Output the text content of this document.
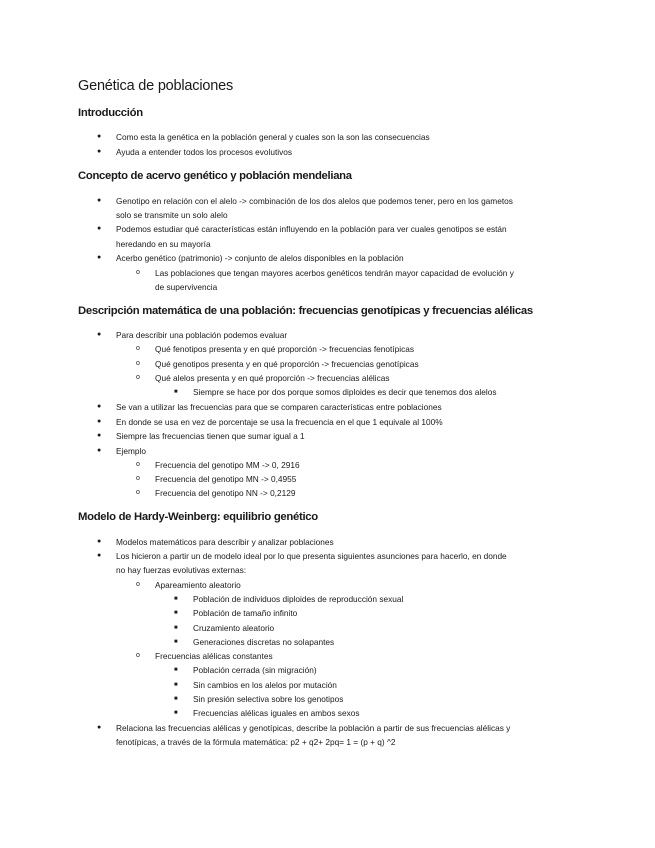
Genética de poblaciones
Introducción
● Como esta la genética en la población general y cuales son la son las consecuencias

● Ayuda a entender todos los procesos evolutivos

Concepto de acervo genético y población mendeliana
● Genotipo en relación con el alelo -> combinación de los dos alelos que podemos tener, pero en los gametos

solo se transmite un solo alelo

● Podemos estudiar qué características están influyendo en la población para ver cuales genotipos se están

heredando en su mayoría

● Acerbo genético (patrimonio) -> conjunto de alelos disponibles en la población

o Las poblaciones que tengan mayores acerbos genéticos tendrán mayor capacidad de evolución y

de supervivencia

Descripción matemática de una población: frecuencias genotípicas y frecuencias alélicas
● Para describir una población podemos evaluar

o Qué fenotipos presenta y en qué proporción -> frecuencias fenotípicas

o Qué genotipos presenta y en qué proporción -> frecuencias genotípicas

o Qué alelos presenta y en qué proporción -> frecuencias alélicas

■ Siempre se hace por dos porque somos diploides es decir que tenemos dos alelos

● Se van a utilizar las frecuencias para que se comparen características entre poblaciones

● En donde se usa en vez de porcentaje se usa la frecuencia en el que 1 equivale al 100%

● Siempre las frecuencias tienen que sumar igual a 1

● Ejemplo

o Frecuencia del genotipo MM -> 0, 2916

o Frecuencia del genotipo MN -> 0,4955

o Frecuencia del genotipo NN -> 0,2129

Modelo de Hardy-Weinberg: equilibrio genético
● Modelos matemáticos para describir y analizar poblaciones

● Los hicieron a partir un de modelo ideal por lo que presenta siguientes asunciones para hacerlo, en donde

no hay fuerzas evolutivas externas:

o Apareamiento aleatorio

■ Población de individuos diploides de reproducción sexual

■ Población de tamaño infinito

■ Cruzamiento aleatorio

■ Generaciones discretas no solapantes

o Frecuencias alélicas constantes

■ Población cerrada (sin migración)

■ Sin cambios en los alelos por mutación

■ Sin presión selectiva sobre los genotipos

■ Frecuencias alélicas iguales en ambos sexos

● Relaciona las frecuencias alélicas y genotípicas, describe la población a partir de sus frecuencias alélicas y

fenotípicas, a través de la fórmula matemática: p2 + q2+ 2pq= 1 = (p + q) ^2
